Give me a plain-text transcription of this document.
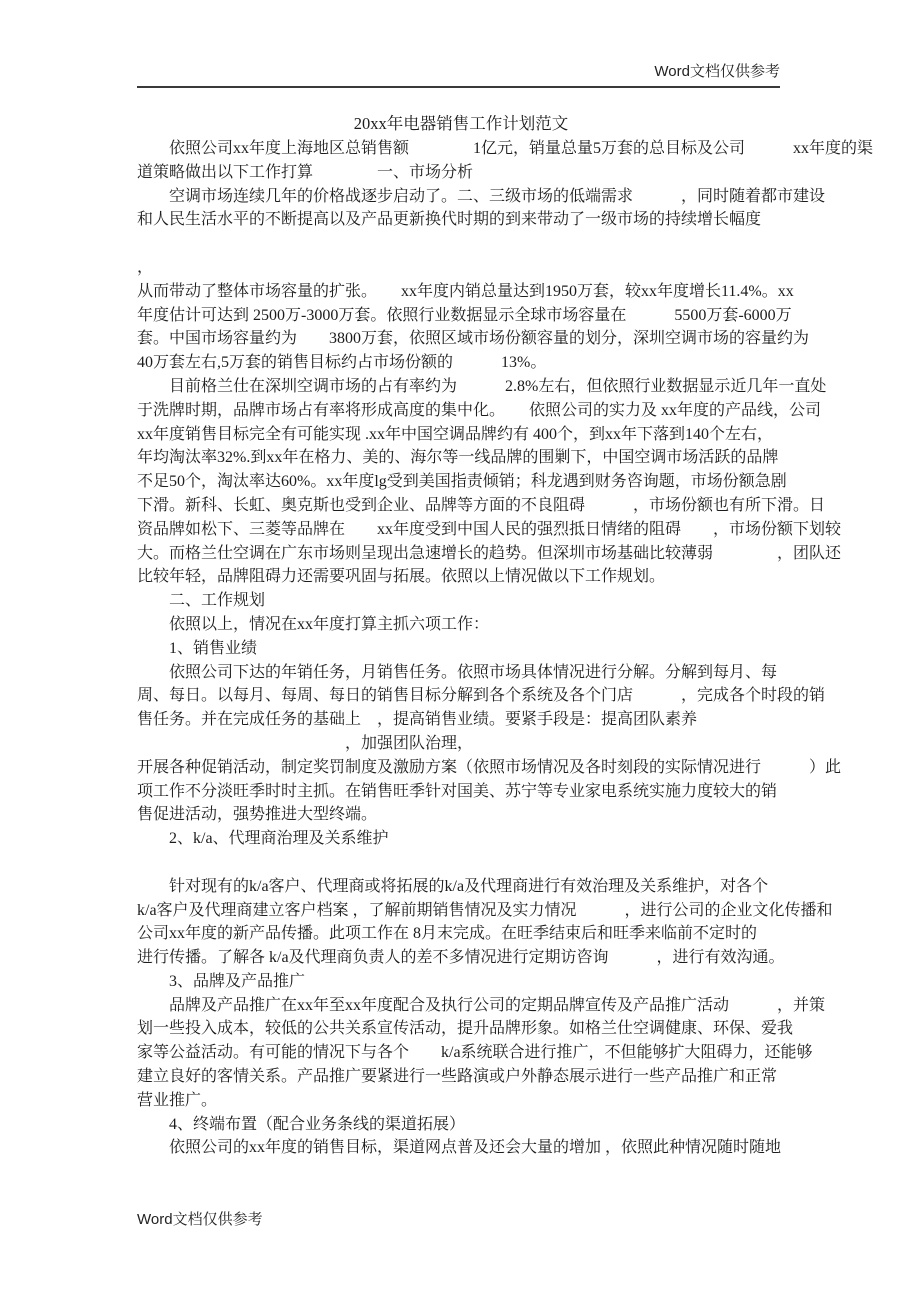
Word文档仅供参考
20xx年电器销售工作计划范文
　　依照公司xx年度上海地区总销售额　　　　1亿元，销量总量5万套的总目标及公司　　　xx年度的渠
道策略做出以下工作打算　　　　一、市场分析
　　空调市场连续几年的价格战逐步启动了。二、三级市场的低端需求　　　，同时随着都市建设
和人民生活水平的不断提高以及产品更新换代时期的到来带动了一级市场的持续增长幅度
，
从而带动了整体市场容量的扩张。　　xx年度内销总量达到1950万套，较xx年度增长11.4%。xx
年度估计可达到 2500万-3000万套。依照行业数据显示全球市场容量在　　　5500万套-6000万
套。中国市场容量约为　　3800万套，依照区域市场份额容量的划分，深圳空调市场的容量约为
40万套左右,5万套的销售目标约占市场份额的　　　13%。
　　目前格兰仕在深圳空调市场的占有率约为　　　2.8%左右，但依照行业数据显示近几年一直处
于洗牌时期，品牌市场占有率将形成高度的集中化。　　依照公司的实力及 xx年度的产品线，公司
xx年度销售目标完全有可能实现 .xx年中国空调品牌约有 400个，到xx年下落到140个左右，
年均淘汰率32%.到xx年在格力、美的、海尔等一线品牌的围剿下，中国空调市场活跃的品牌
不足50个，淘汰率达60%。xx年度lg受到美国指责倾销；科龙遇到财务咨询题，市场份额急剧
下滑。新科、长虹、奥克斯也受到企业、品牌等方面的不良阻碍　　　，市场份额也有所下滑。日
资品牌如松下、三菱等品牌在　　xx年度受到中国人民的强烈抵日情绪的阻碍　　，市场份额下划较
大。而格兰仕空调在广东市场则呈现出急速增长的趋势。但深圳市场基础比较薄弱　　　　，团队还
比较年轻，品牌阻碍力还需要巩固与拓展。依照以上情况做以下工作规划。
　　二、工作规划
　　依照以上，情况在xx年度打算主抓六项工作：
　　1、销售业绩
　　依照公司下达的年销任务，月销售任务。依照市场具体情况进行分解。分解到每月、每
周、每日。以每月、每周、每日的销售目标分解到各个系统及各个门店　　　，完成各个时段的销
售任务。并在完成任务的基础上　，提高销售业绩。要紧手段是：提高团队素养
　　　　　　　　　　　　　，加强团队治理，
开展各种促销活动，制定奖罚制度及激励方案（依照市场情况及各时刻段的实际情况进行　　　）此
项工作不分淡旺季时时主抓。在销售旺季针对国美、苏宁等专业家电系统实施力度较大的销
售促进活动，强势推进大型终端。
　　2、k/a、代理商治理及关系维护
　　针对现有的k/a客户、代理商或将拓展的k/a及代理商进行有效治理及关系维护，对各个
k/a客户及代理商建立客户档案 ，了解前期销售情况及实力情况　　　，进行公司的企业文化传播和
公司xx年度的新产品传播。此项工作在 8月末完成。在旺季结束后和旺季来临前不定时的
进行传播。了解各 k/a及代理商负责人的差不多情况进行定期访咨询　　　，进行有效沟通。
　　3、品牌及产品推广
　　品牌及产品推广在xx年至xx年度配合及执行公司的定期品牌宣传及产品推广活动　　　，并策
划一些投入成本，较低的公共关系宣传活动，提升品牌形象。如格兰仕空调健康、环保、爱我
家等公益活动。有可能的情况下与各个　　k/a系统联合进行推广，不但能够扩大阻碍力，还能够
建立良好的客情关系。产品推广要紧进行一些路演或户外静态展示进行一些产品推广和正常
营业推广。
　　4、终端布置（配合业务条线的渠道拓展）
　　依照公司的xx年度的销售目标，渠道网点普及还会大量的增加 ，依照此种情况随时随地
Word文档仅供参考
